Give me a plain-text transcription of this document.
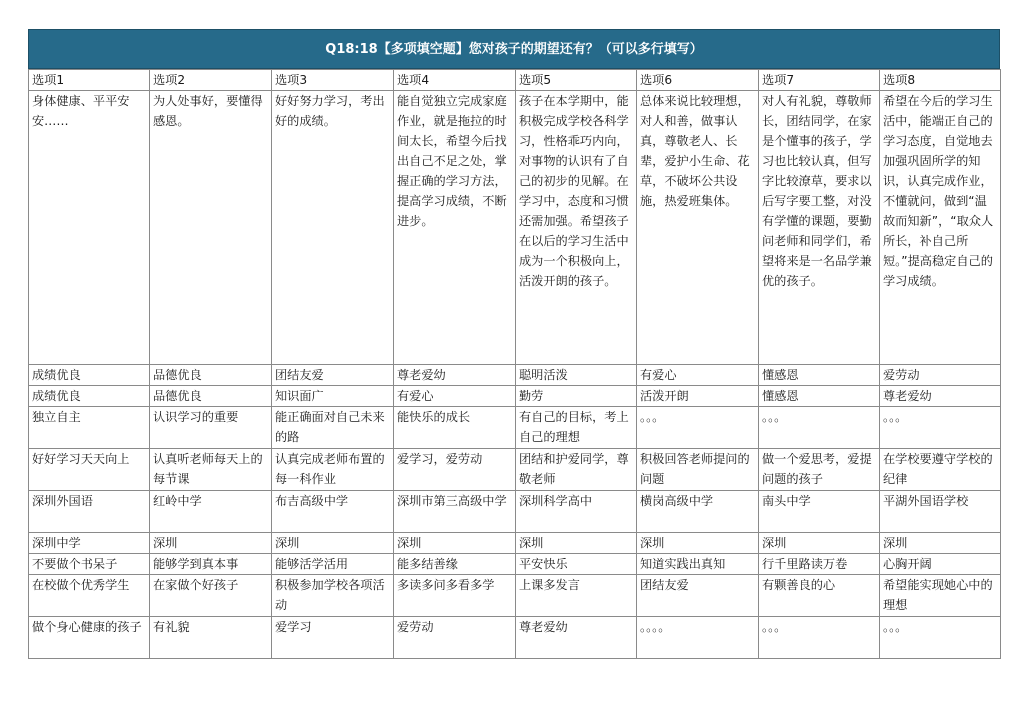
Q18:18【多项填空题】您对孩子的期望还有？（可以多行填写）
选项1	选项2	选项3	选项4	选项5	选项6	选项7	选项8

身体健康、平平安安……	为人处事好，要懂得感恩。	好好努力学习，考出好的成绩。	能自觉独立完成家庭作业，就是拖拉的时间太长，希望今后找出自己不足之处，掌握正确的学习方法，提高学习成绩，不断进步。	孩子在本学期中，能积极完成学校各科学习，性格乖巧内向，对事物的认识有了自己的初步的见解。在学习中，态度和习惯还需加强。希望孩子在以后的学习生活中成为一个积极向上，活泼开朗的孩子。	总体来说比较理想，对人和善，做事认真，尊敬老人、长辈，爱护小生命、花草，不破坏公共设施，热爱班集体。	对人有礼貌，尊敬师长，团结同学，在家是个懂事的孩子，学习也比较认真，但写字比较潦草，要求以后写字要工整，对没有学懂的课题，要勤问老师和同学们，希望将来是一名品学兼优的孩子。	希望在今后的学习生活中，能端正自己的学习态度，自觉地去加强巩固所学的知识，认真完成作业，不懂就问，做到“温故而知新”，“取众人所长，补自己所短。”提高稳定自己的学习成绩。

成绩优良	品德优良	团结友爱	尊老爱幼	聪明活泼	有爱心	懂感恩	爱劳动
成绩优良	品德优良	知识面广	有爱心	勤劳	活泼开朗	懂感恩	尊老爱幼
独立自主	认识学习的重要	能正确面对自己未来的路	能快乐的成长	有自己的目标，考上自己的理想	。。。	。。。	。。。
好好学习天天向上	认真听老师每天上的每节课	认真完成老师布置的每一科作业	爱学习，爱劳动	团结和护爱同学，尊敬老师	积极回答老师提问的问题	做一个爱思考，爱提问题的孩子	在学校要遵守学校的纪律
深圳外国语	红岭中学	布吉高级中学	深圳市第三高级中学	深圳科学高中	横岗高级中学	南头中学	平湖外国语学校
深圳中学	深圳	深圳	深圳	深圳	深圳	深圳	深圳
不要做个书呆子	能够学到真本事	能够活学活用	能多结善缘	平安快乐	知道实践出真知	行千里路读万卷	心胸开阔
在校做个优秀学生	在家做个好孩子	积极参加学校各项活动	多读多问多看多学	上课多发言	团结友爱	有颗善良的心	希望能实现她心中的理想
做个身心健康的孩子	有礼貌	爱学习	爱劳动	尊老爱幼	。。。。	。。。	。。。
